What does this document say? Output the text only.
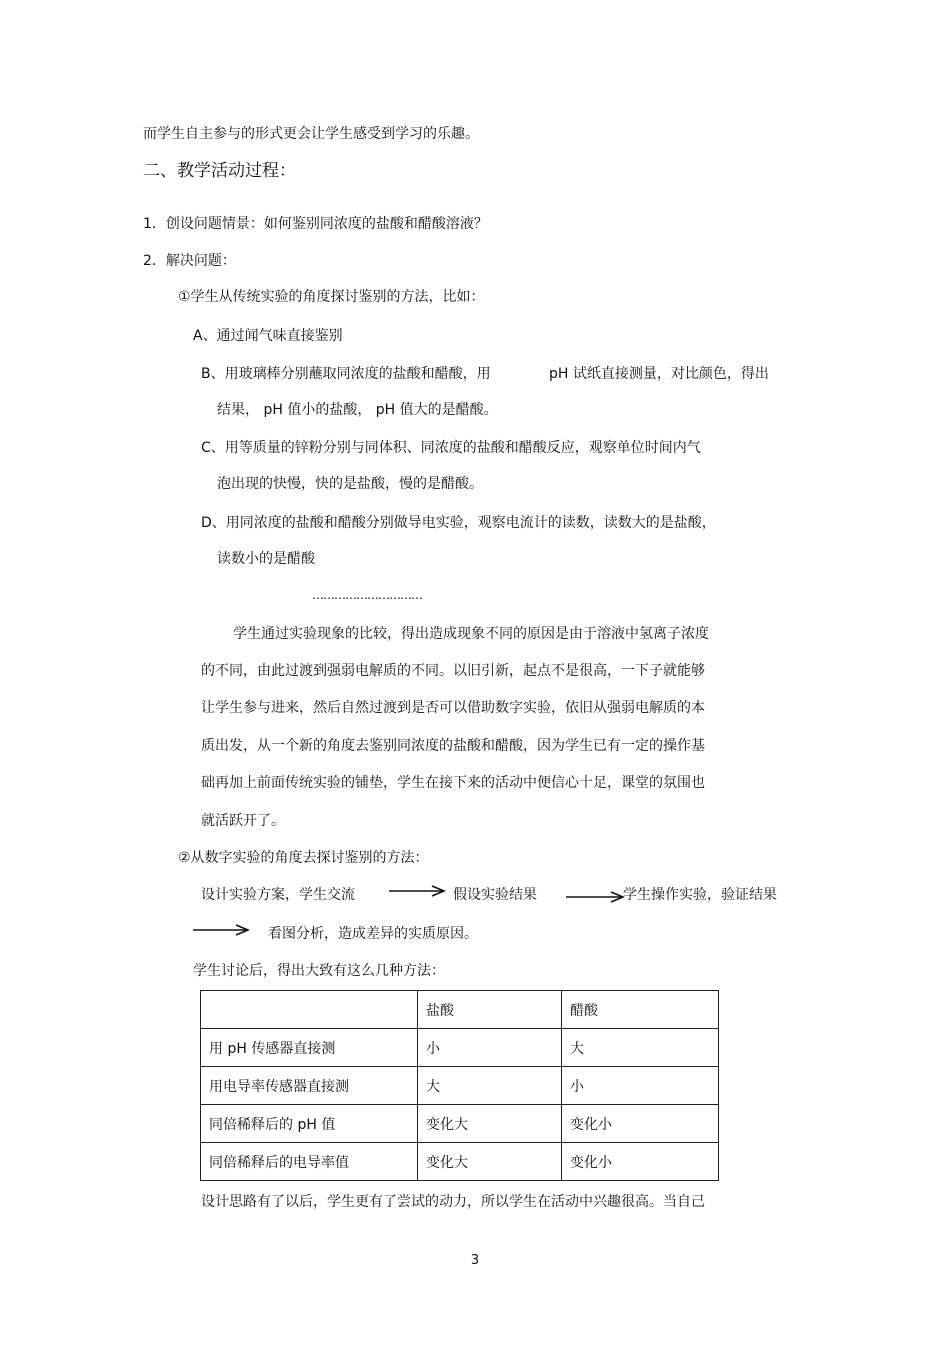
而学生自主参与的形式更会让学生感受到学习的乐趣。
二、教学活动过程：
1．创设问题情景：如何鉴别同浓度的盐酸和醋酸溶液？
2．解决问题：
①学生从传统实验的角度探讨鉴别的方法，比如：
A、通过闻气味直接鉴别
B、用玻璃棒分别蘸取同浓度的盐酸和醋酸，用	pH 试纸直接测量，对比颜色，得出
结果， pH 值小的盐酸， pH 值大的是醋酸。
C、用等质量的锌粉分别与同体积、同浓度的盐酸和醋酸反应，观察单位时间内气
泡出现的快慢，快的是盐酸，慢的是醋酸。
D、用同浓度的盐酸和醋酸分别做导电实验，观察电流计的读数，读数大的是盐酸，
读数小的是醋酸
…………………………
学生通过实验现象的比较，得出造成现象不同的原因是由于溶液中氢离子浓度
的不同，由此过渡到强弱电解质的不同。以旧引新，起点不是很高，一下子就能够
让学生参与进来，然后自然过渡到是否可以借助数字实验，依旧从强弱电解质的本
质出发，从一个新的角度去鉴别同浓度的盐酸和醋酸，因为学生已有一定的操作基
础再加上前面传统实验的铺垫，学生在接下来的活动中便信心十足，课堂的氛围也
就活跃开了。
②从数字实验的角度去探讨鉴别的方法：
设计实验方案，学生交流	假设实验结果	学生操作实验，验证结果
看图分析，造成差异的实质原因。
学生讨论后，得出大致有这么几种方法：
	盐酸	醋酸
用 pH 传感器直接测	小	大
用电导率传感器直接测	大	小
同倍稀释后的 pH 值	变化大	变化小
同倍稀释后的电导率值	变化大	变化小
设计思路有了以后，学生更有了尝试的动力，所以学生在活动中兴趣很高。当自己
3
